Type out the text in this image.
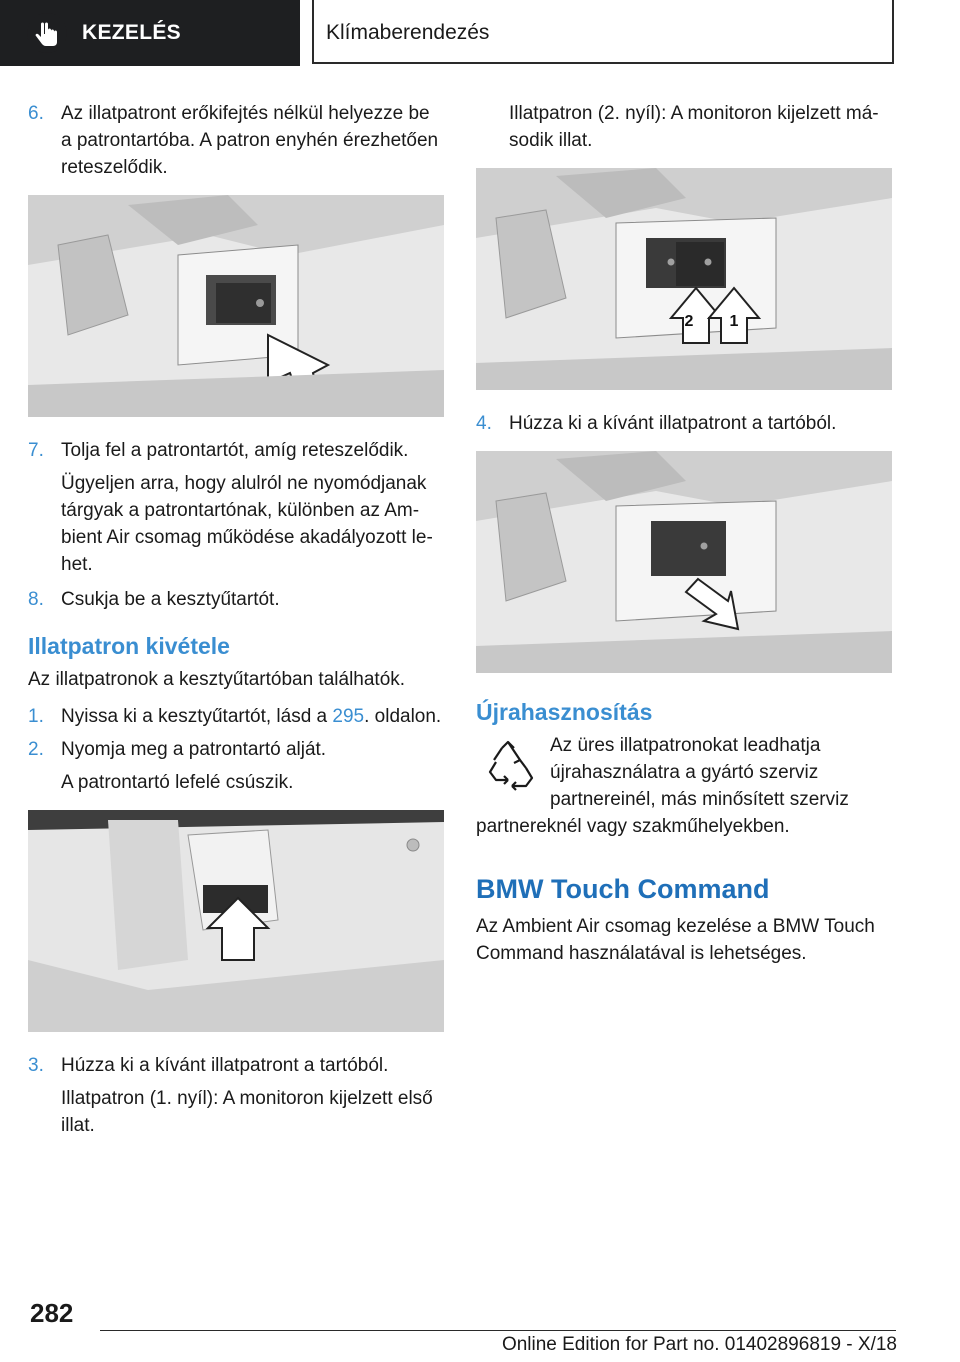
KEZELÉS	Klímaberendezés
6. Az illatpatront erőkifejtés nélkül helyezze be a patrontartóba. A patron enyhén érezhetően reteszelődik.
7. Tolja fel a patrontartót, amíg reteszelődik.
Ügyeljen arra, hogy alulról ne nyomódjanak tárgyak a patrontartónak, különben az Ambient Air csomag működése akadályozott lehet.
8. Csukja be a kesztyűtartót.
Illatpatron kivétele
Az illatpatronok a kesztyűtartóban találhatók.
1. Nyissa ki a kesztyűtartót, lásd a 295. oldalon.
2. Nyomja meg a patrontartó alját.
A patrontartó lefelé csúszik.
3. Húzza ki a kívánt illatpatront a tartóból.
Illatpatron (1. nyíl): A monitoron kijelzett első illat.
Illatpatron (2. nyíl): A monitoron kijelzett második illat.
2 1
4. Húzza ki a kívánt illatpatront a tartóból.
Újrahasznosítás
Az üres illatpatronokat leadhatja újrahasználatra a gyártó szerviz partnereinél, más minősített szerviz partnereknél vagy szakműhelyekben.
BMW Touch Command
Az Ambient Air csomag kezelése a BMW Touch Command használatával is lehetséges.
282
Online Edition for Part no. 01402896819 - X/18
